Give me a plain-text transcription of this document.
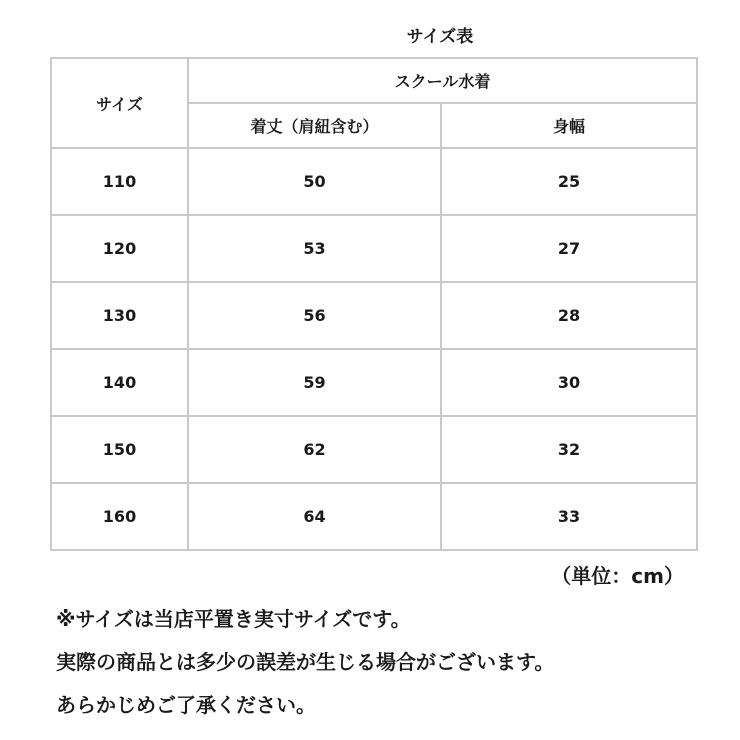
サイズ表
サイズ	スクール水着	
	着丈（肩紐含む）	身幅
110	50	25
120	53	27
130	56	28
140	59	30
150	62	32
160	64	33
（単位：cm）
※サイズは当店平置き実寸サイズです。
実際の商品とは多少の誤差が生じる場合がございます。
あらかじめご了承ください。
